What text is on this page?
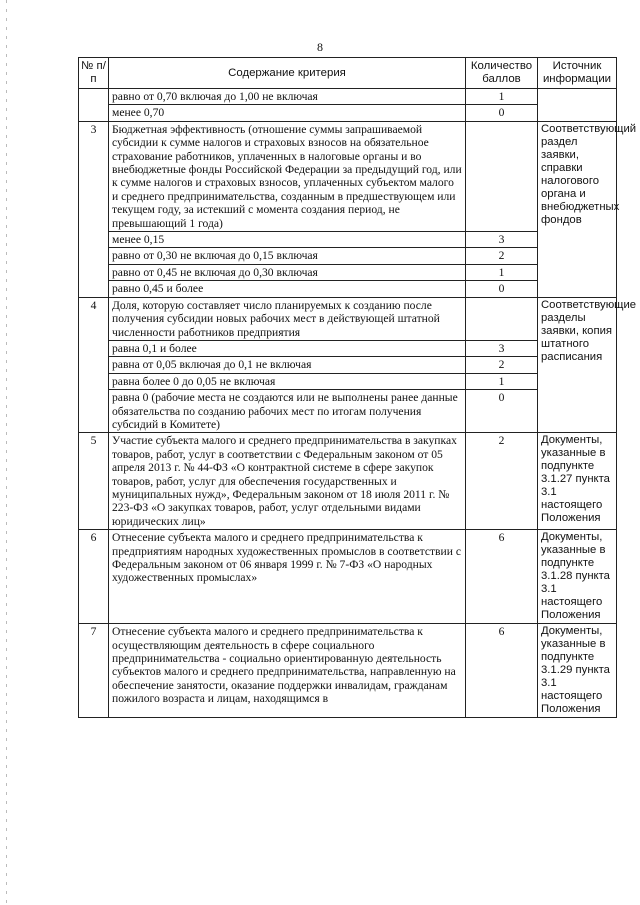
8
№ п/п	Содержание критерия	Количество баллов	Источник информации
	равно от 0,70 включая до 1,00 не включая	1	
	менее 0,70	0	
3	Бюджетная эффективность (отношение суммы запрашиваемой субсидии к сумме налогов и страховых взносов на обязательное страхование работников, уплаченных в налоговые органы и во внебюджетные фонды Российской Федерации за предыдущий год, или к сумме налогов и страховых взносов, уплаченных субъектом малого и среднего предпринимательства, созданным в предшествующем или текущем году, за истекший с момента создания период, не превышающий 1 года)		Соответствующий раздел заявки, справки налогового органа и внебюджетных фондов
	менее 0,15	3	
	равно от 0,30 не включая до 0,15 включая	2	
	равно от 0,45 не включая до 0,30 включая	1	
	равно 0,45 и более	0	
4	Доля, которую составляет число планируемых к созданию после получения субсидии новых рабочих мест в действующей штатной численности работников предприятия		Соответствующие разделы заявки, копия штатного расписания
	равна 0,1 и более	3	
	равна от 0,05 включая до 0,1 не включая	2	
	равна более 0 до 0,05 не включая	1	
	равна 0 (рабочие места не создаются или не выполнены ранее данные обязательства по созданию рабочих мест по итогам получения субсидий в Комитете)	0	
5	Участие субъекта малого и среднего предпринимательства в закупках товаров, работ, услуг в соответствии с Федеральным законом от 05 апреля 2013 г. № 44-ФЗ «О контрактной системе в сфере закупок товаров, работ, услуг для обеспечения государственных и муниципальных нужд», Федеральным законом от 18 июля 2011 г. № 223-ФЗ «О закупках товаров, работ, услуг отдельными видами юридических лиц»	2	Документы, указанные в подпункте 3.1.27 пункта 3.1 настоящего Положения
6	Отнесение субъекта малого и среднего предпринимательства к предприятиям народных художественных промыслов в соответствии с Федеральным законом от 06 января 1999 г. № 7-ФЗ «О народных художественных промыслах»	6	Документы, указанные в подпункте 3.1.28 пункта 3.1 настоящего Положения
7	Отнесение субъекта малого и среднего предпринимательства к осуществляющим деятельность в сфере социального предпринимательства - социально ориентированную деятельность субъектов малого и среднего предпринимательства, направленную на обеспечение занятости, оказание поддержки инвалидам, гражданам пожилого возраста и лицам, находящимся в	6	Документы, указанные в подпункте 3.1.29 пункта 3.1 настоящего Положения
